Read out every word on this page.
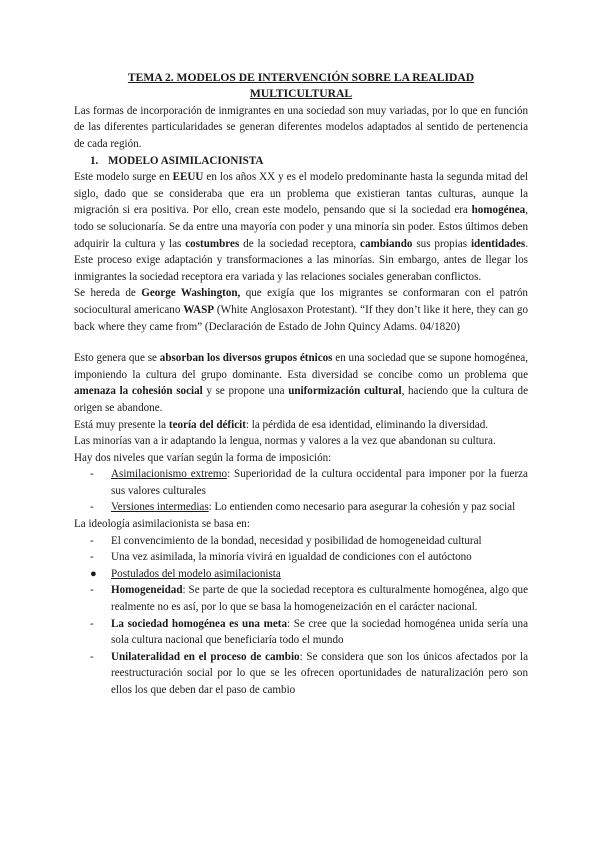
TEMA 2. MODELOS DE INTERVENCIÓN SOBRE LA REALIDAD
MULTICULTURAL

Las formas de incorporación de inmigrantes en una sociedad son muy variadas, por lo que en función de las diferentes particularidades se generan diferentes modelos adaptados al sentido de pertenencia de cada región.

1. MODELO ASIMILACIONISTA

Este modelo surge en EEUU en los años XX y es el modelo predominante hasta la segunda mitad del siglo, dado que se consideraba que era un problema que existieran tantas culturas, aunque la migración si era positiva. Por ello, crean este modelo, pensando que si la sociedad era homogénea, todo se solucionaría. Se da entre una mayoría con poder y una minoría sin poder. Estos últimos deben adquirir la cultura y las costumbres de la sociedad receptora, cambiando sus propias identidades. Este proceso exige adaptación y transformaciones a las minorías. Sin embargo, antes de llegar los inmigrantes la sociedad receptora era variada y las relaciones sociales generaban conflictos.

Se hereda de George Washington, que exigía que los migrantes se conformaran con el patrón sociocultural americano WASP (White Anglosaxon Protestant). “If they don’t like it here, they can go back where they came from” (Declaración de Estado de John Quincy Adams. 04/1820)

Esto genera que se absorban los diversos grupos étnicos en una sociedad que se supone homogénea, imponiendo la cultura del grupo dominante. Esta diversidad se concibe como un problema que amenaza la cohesión social y se propone una uniformización cultural, haciendo que la cultura de origen se abandone.

Está muy presente la teoría del déficit: la pérdida de esa identidad, eliminando la diversidad.

Las minorías van a ir adaptando la lengua, normas y valores a la vez que abandonan su cultura.

Hay dos niveles que varían según la forma de imposición:

-	Asimilacionismo extremo: Superioridad de la cultura occidental para imponer por la fuerza sus valores culturales
-	Versiones intermedias: Lo entienden como necesario para asegurar la cohesión y paz social

La ideología asimilacionista se basa en:

-	El convencimiento de la bondad, necesidad y posibilidad de homogeneidad cultural
-	Una vez asimilada, la minoría vivirá en igualdad de condiciones con el autóctono
●	Postulados del modelo asimilacionista
-	Homogeneidad: Se parte de que la sociedad receptora es culturalmente homogénea, algo que realmente no es así, por lo que se basa la homogeneización en el carácter nacional.
-	La sociedad homogénea es una meta: Se cree que la sociedad homogénea unida sería una sola cultura nacional que beneficiaría todo el mundo
-	Unilateralidad en el proceso de cambio: Se considera que son los únicos afectados por la reestructuración social por lo que se les ofrecen oportunidades de naturalización pero son ellos los que deben dar el paso de cambio
